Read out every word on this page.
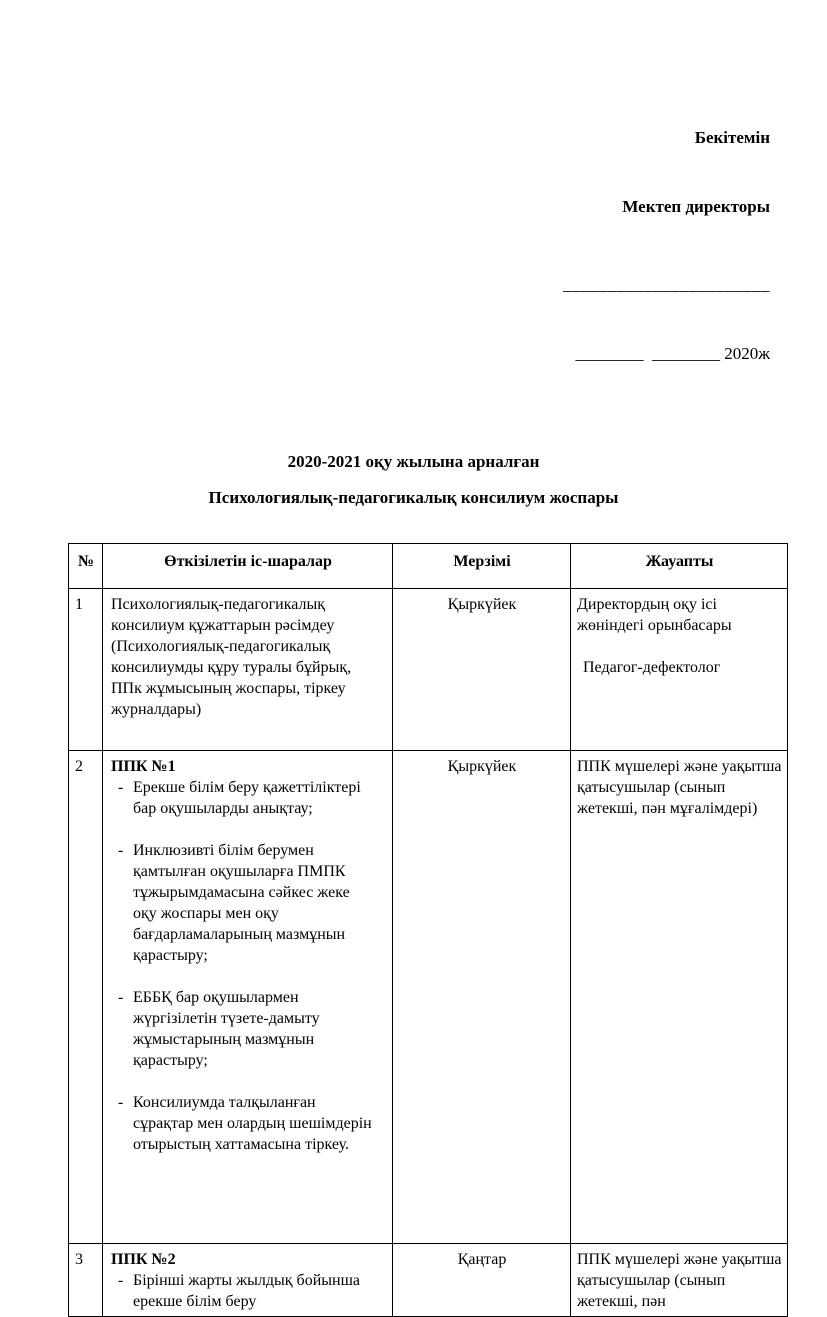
Бекітемін

Мектеп директоры

_______________________

________  ________ 2020ж

2020-2021 оқу жылына арналған
Психологиялық-педагогикалық консилиум жоспары
№	Өткізілетін іс-шаралар	Мерзімі	Жауапты
1	Психологиялық-педагогикалық консилиум құжаттарын рәсімдеу (Психологиялық-педагогикалық консилиумды құру туралы бұйрық, ППк жұмысының жоспары, тіркеу журналдары)	Қыркүйек	Директордың оқу ісі жөніндегі орынбасары
Педагог-дефектолог

2	ППК №1
- Ерекше білім беру қажеттіліктері бар оқушыларды анықтау;
- Инклюзивті білім берумен қамтылған оқушыларға ПМПК тұжырымдамасына сәйкес жеке оқу жоспары мен оқу бағдарламаларының мазмұнын қарастыру;
- ЕББҚ бар оқушылармен жүргізілетін түзете-дамыту жұмыстарының мазмұнын қарастыру;
- Консилиумда талқыланған сұрақтар мен олардың шешімдерін отырыстың хаттамасына тіркеу.
	Қыркүйек	ППК мүшелері және уақытша қатысушылар (сынып жетекші, пән мұғалімдері)

3	ППК №2
- Бірінші жарты жылдық бойынша ерекше білім беру	Қаңтар	ППК мүшелері және уақытша қатысушылар (сынып жетекші, пән
